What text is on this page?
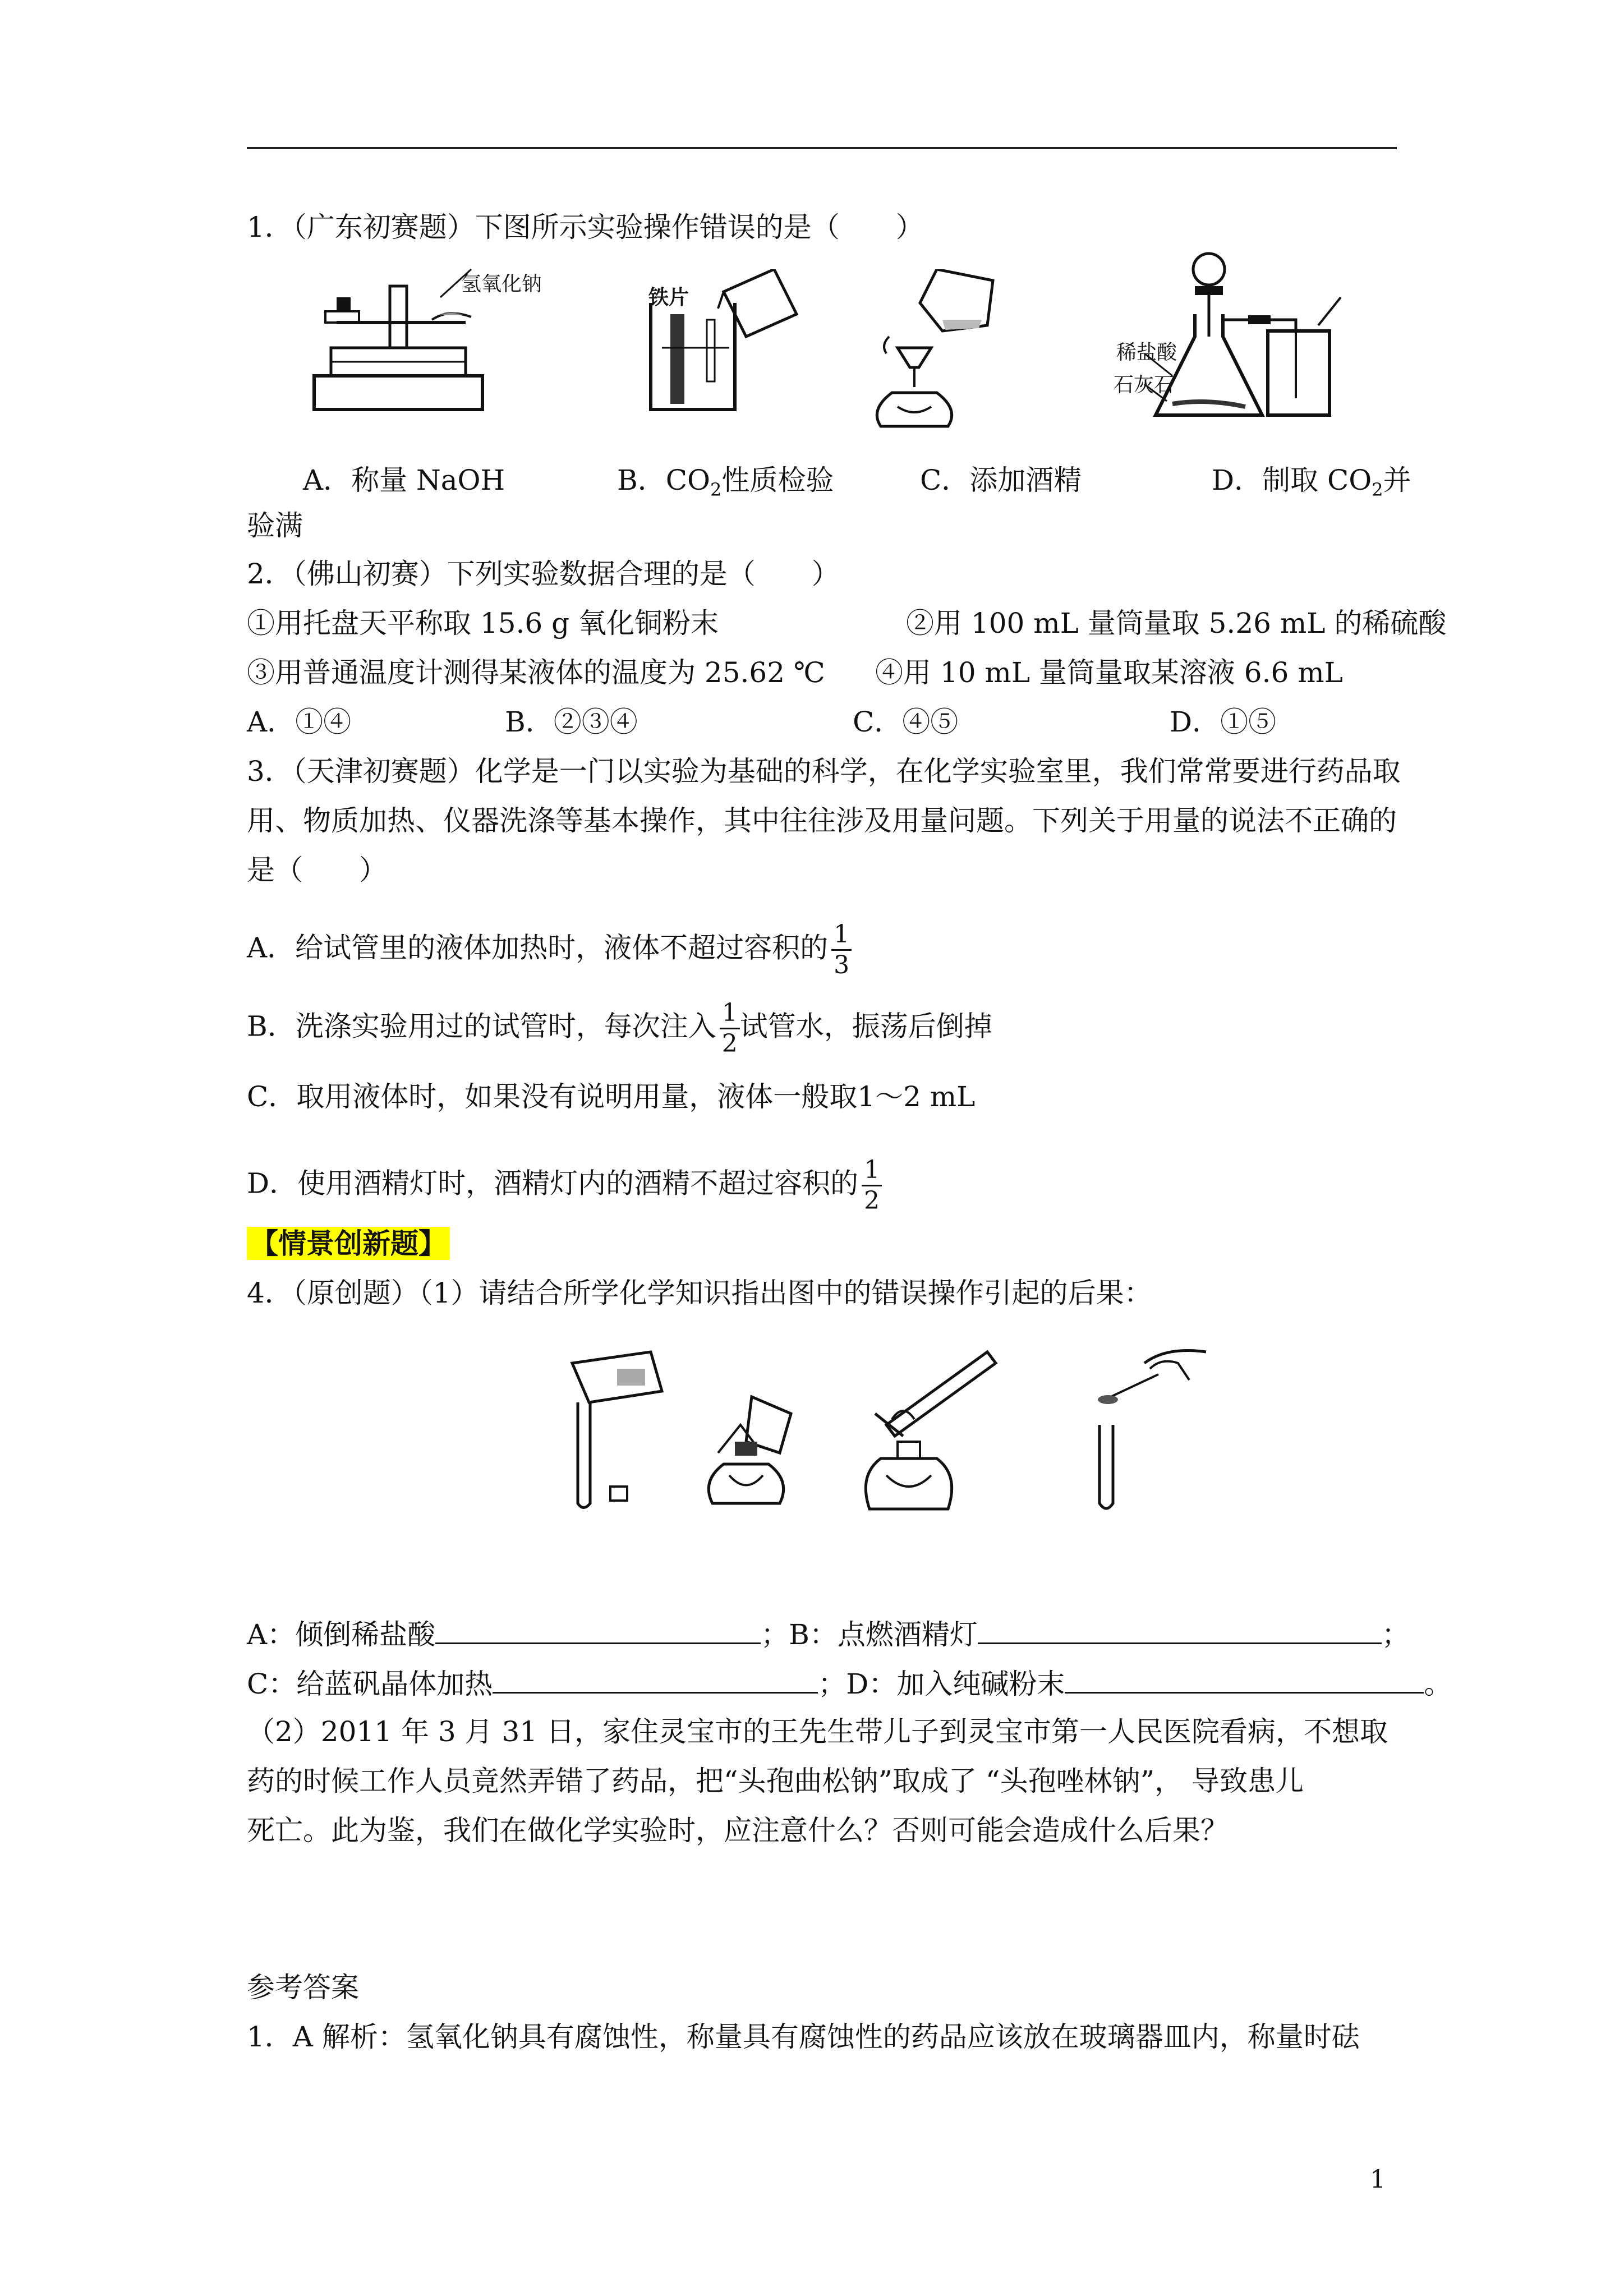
1．（广东初赛题）下图所示实验操作错误的是（　　）
氢氧化钠
铁片
稀盐酸
石灰石
A．称量 NaOH	B．$CO_2$性质检验	C．添加酒精	D．制取 $CO_2$并
验满
2．（佛山初赛）下列实验数据合理的是（　　）
①用托盘天平称取 15.6 g 氧化铜粉末	②用 100 mL 量筒量取 5.26 mL 的稀硫酸
③用普通温度计测得某液体的温度为 25.62 ℃ ④用 10 mL 量筒量取某溶液 6.6 mL
A．①④	B．②③④	C．④⑤	D．①⑤
3．（天津初赛题）化学是一门以实验为基础的科学，在化学实验室里，我们常常要进行药品取
用、物质加热、仪器洗涤等基本操作，其中往往涉及用量问题。下列关于用量的说法不正确的
是（　　）
A．给试管里的液体加热时，液体不超过容积的 $\frac{1}{3}$
B．洗涤实验用过的试管时，每次注入 $\frac{1}{2}$ 试管水，振荡后倒掉
C．取用液体时，如果没有说明用量，液体一般取1～2 mL
D．使用酒精灯时，酒精灯内的酒精不超过容积的 $\frac{1}{2}$
【情景创新题】
4．（原创题）（1）请结合所学化学知识指出图中的错误操作引起的后果：
A：倾倒稀盐酸	；B：点燃酒精灯	；
C：给蓝矾晶体加热	；D：加入纯碱粉末	。
（2）2011 年 3 月 31 日，家住灵宝市的王先生带儿子到灵宝市第一人民医院看病，不想取
药的时候工作人员竟然弄错了药品，把“头孢曲松钠”取成了 “头孢唑林钠”， 导致患儿
死亡。此为鉴，我们在做化学实验时，应注意什么？否则可能会造成什么后果？
参考答案
1．A 解析：氢氧化钠具有腐蚀性，称量具有腐蚀性的药品应该放在玻璃器皿内，称量时砝
1
